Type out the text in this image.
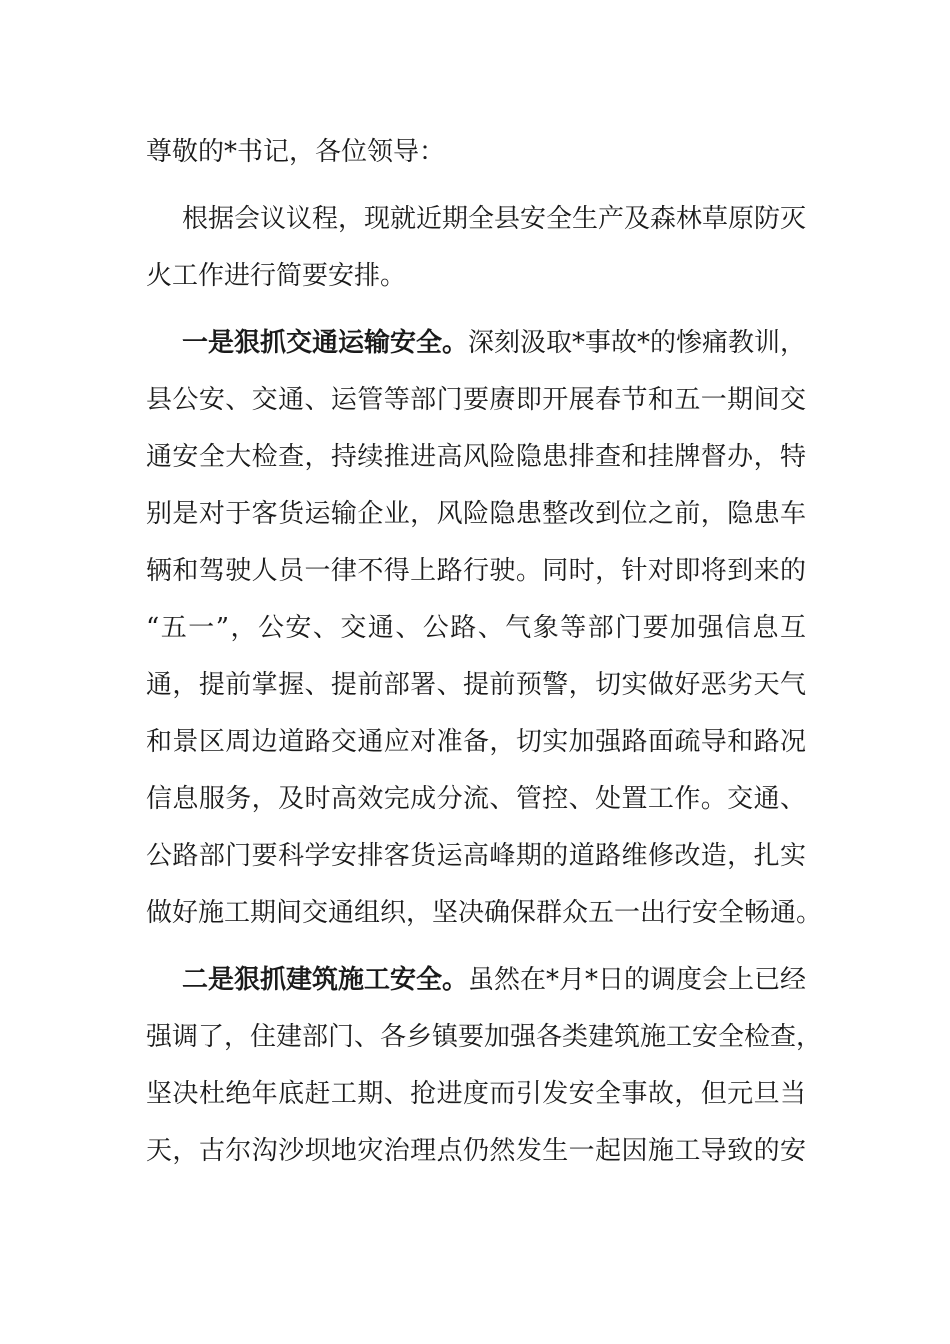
尊敬的*书记，各位领导：
根据会议议程，现就近期全县安全生产及森林草原防灭
火工作进行简要安排。
一是狠抓交通运输安全。深刻汲取*事故*的惨痛教训，
县公安、交通、运管等部门要赓即开展春节和五一期间交
通安全大检查，持续推进高风险隐患排查和挂牌督办，特
别是对于客货运输企业，风险隐患整改到位之前，隐患车
辆和驾驶人员一律不得上路行驶。同时，针对即将到来的
“五一”，公安、交通、公路、气象等部门要加强信息互
通，提前掌握、提前部署、提前预警，切实做好恶劣天气
和景区周边道路交通应对准备，切实加强路面疏导和路况
信息服务，及时高效完成分流、管控、处置工作。交通、
公路部门要科学安排客货运高峰期的道路维修改造，扎实
做好施工期间交通组织，坚决确保群众五一出行安全畅通。
二是狠抓建筑施工安全。虽然在*月*日的调度会上已经
强调了，住建部门、各乡镇要加强各类建筑施工安全检查，
坚决杜绝年底赶工期、抢进度而引发安全事故，但元旦当
天，古尔沟沙坝地灾治理点仍然发生一起因施工导致的安
